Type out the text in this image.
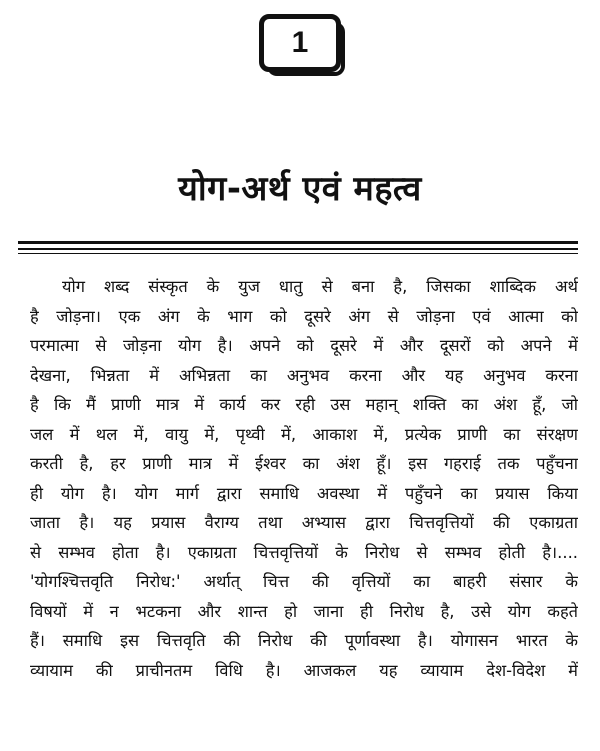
1
योग-अर्थ एवं महत्व
योग शब्द संस्कृत के युज धातु से बना है, जिसका शाब्दिक अर्थ
है जोड़ना। एक अंग के भाग को दूसरे अंग से जोड़ना एवं आत्मा को
परमात्मा से जोड़ना योग है। अपने को दूसरे में और दूसरों को अपने में
देखना, भिन्नता में अभिन्नता का अनुभव करना और यह अनुभव करना
है कि मैं प्राणी मात्र में कार्य कर रही उस महान् शक्ति का अंश हूँ, जो
जल में थल में, वायु में, पृथ्वी में, आकाश में, प्रत्येक प्राणी का संरक्षण
करती है, हर प्राणी मात्र में ईश्वर का अंश हूँ। इस गहराई तक पहुँचना
ही योग है। योग मार्ग द्वारा समाधि अवस्था में पहुँचने का प्रयास किया
जाता है। यह प्रयास वैराग्य तथा अभ्यास द्वारा चित्तवृत्तियों की एकाग्रता
से सम्भव होता है। एकाग्रता चित्तवृत्तियों के निरोध से सम्भव होती है।....
'योगश्चित्तवृति निरोध:' अर्थात् चित्त की वृत्तियों का बाहरी संसार के
विषयों में न भटकना और शान्त हो जाना ही निरोध है, उसे योग कहते
हैं। समाधि इस चित्तवृति की निरोध की पूर्णावस्था है। योगासन भारत के
व्यायाम की प्राचीनतम विधि है। आजकल यह व्यायाम देश-विदेश में
